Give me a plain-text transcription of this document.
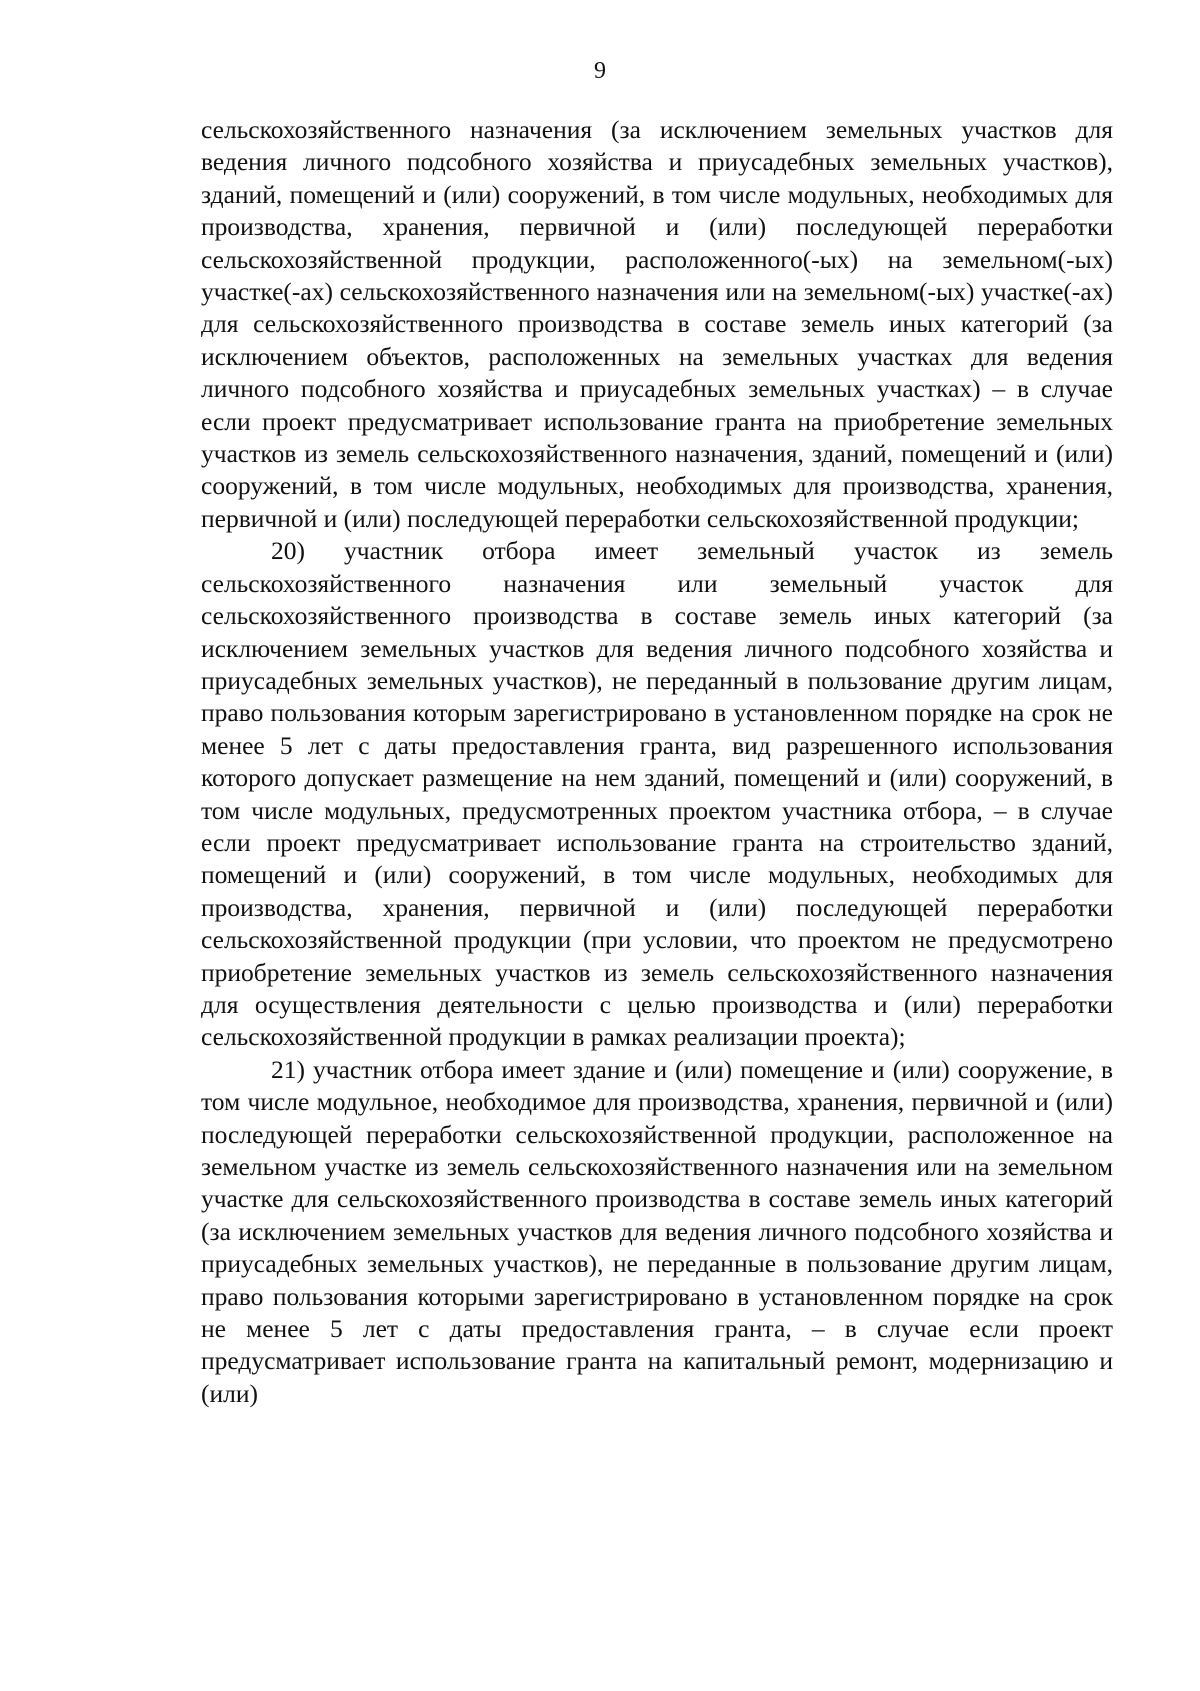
9

сельскохозяйственного назначения (за исключением земельных участков для ведения личного подсобного хозяйства и приусадебных земельных участков), зданий, помещений и (или) сооружений, в том числе модульных, необходимых для производства, хранения, первичной и (или) последующей переработки сельскохозяйственной продукции, расположенного(-ых) на земельном(-ых) участке(-ах) сельскохозяйственного назначения или на земельном(-ых) участке(-ах) для сельскохозяйственного производства в составе земель иных категорий (за исключением объектов, расположенных на земельных участках для ведения личного подсобного хозяйства и приусадебных земельных участках) – в случае если проект предусматривает использование гранта на приобретение земельных участков из земель сельскохозяйственного назначения, зданий, помещений и (или) сооружений, в том числе модульных, необходимых для производства, хранения, первичной и (или) последующей переработки сельскохозяйственной продукции;

20) участник отбора имеет земельный участок из земель сельскохозяйственного назначения или земельный участок для сельскохозяйственного производства в составе земель иных категорий (за исключением земельных участков для ведения личного подсобного хозяйства и приусадебных земельных участков), не переданный в пользование другим лицам, право пользования которым зарегистрировано в установленном порядке на срок не менее 5 лет с даты предоставления гранта, вид разрешенного использования которого допускает размещение на нем зданий, помещений и (или) сооружений, в том числе модульных, предусмотренных проектом участника отбора, – в случае если проект предусматривает использование гранта на строительство зданий, помещений и (или) сооружений, в том числе модульных, необходимых для производства, хранения, первичной и (или) последующей переработки сельскохозяйственной продукции (при условии, что проектом не предусмотрено приобретение земельных участков из земель сельскохозяйственного назначения для осуществления деятельности с целью производства и (или) переработки сельскохозяйственной продукции в рамках реализации проекта);

21) участник отбора имеет здание и (или) помещение и (или) сооружение, в том числе модульное, необходимое для производства, хранения, первичной и (или) последующей переработки сельскохозяйственной продукции, расположенное на земельном участке из земель сельскохозяйственного назначения или на земельном участке для сельскохозяйственного производства в составе земель иных категорий (за исключением земельных участков для ведения личного подсобного хозяйства и приусадебных земельных участков), не переданные в пользование другим лицам, право пользования которыми зарегистрировано в установленном порядке на срок не менее 5 лет с даты предоставления гранта, – в случае если проект предусматривает использование гранта на капитальный ремонт, модернизацию и (или)
